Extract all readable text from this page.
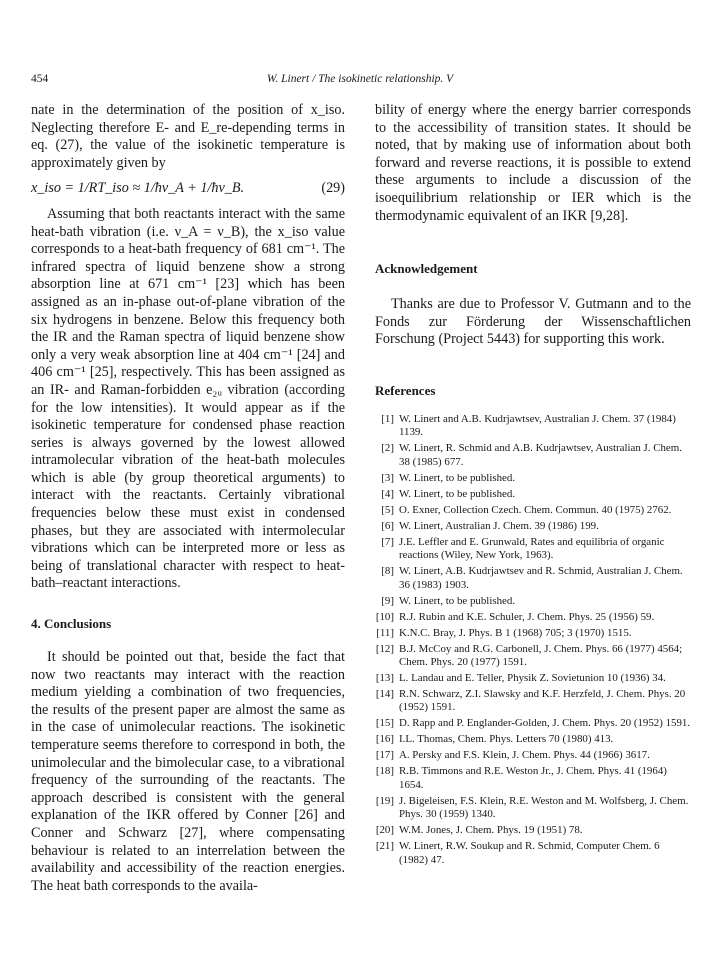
454	W. Linert / The isokinetic relationship. V

nate in the determination of the position of x_iso. Neglecting therefore E- and E_re-depending terms in eq. (27), the value of the isokinetic temperature is approximately given by

x_iso = 1/RT_iso ≈ 1/ħν_A + 1/ħν_B.	(29)

Assuming that both reactants interact with the same heat-bath vibration (i.e. ν_A = ν_B), the x_iso value corresponds to a heat-bath frequency of 681 cm⁻¹. The infrared spectra of liquid benzene show a strong absorption line at 671 cm⁻¹ [23] which has been assigned as an in-phase out-of-plane vibration of the six hydrogens in benzene. Below this frequency both the IR and the Raman spectra of liquid benzene show only a very weak absorption line at 404 cm⁻¹ [24] and 406 cm⁻¹ [25], respectively. This has been assigned as an IR- and Raman-forbidden e₂ᵤ vibration (according for the low intensities). It would appear as if the isokinetic temperature for condensed phase reaction series is always governed by the lowest allowed intramolecular vibration of the heat-bath molecules which is able (by group theoretical arguments) to interact with the reactants. Certainly vibrational frequencies below these must exist in condensed phases, but they are associated with intermolecular vibrations which can be interpreted more or less as being of translational character with respect to heat-bath–reactant interactions.

4. Conclusions

It should be pointed out that, beside the fact that now two reactants may interact with the reaction medium yielding a combination of two frequencies, the results of the present paper are almost the same as in the case of unimolecular reactions. The isokinetic temperature seems therefore to correspond in both, the unimolecular and the bimolecular case, to a vibrational frequency of the surrounding of the reactants. The approach described is consistent with the general explanation of the IKR offered by Conner [26] and Conner and Schwarz [27], where compensating behaviour is related to an interrelation between the availability and accessibility of the reaction energies. The heat bath corresponds to the availa-

bility of energy where the energy barrier corresponds to the accessibility of transition states. It should be noted, that by making use of information about both forward and reverse reactions, it is possible to extend these arguments to include a discussion of the isoequilibrium relationship or IER which is the thermodynamic equivalent of an IKR [9,28].

Acknowledgement

Thanks are due to Professor V. Gutmann and to the Fonds zur Förderung der Wissenschaftlichen Forschung (Project 5443) for supporting this work.

References
[1] W. Linert and A.B. Kudrjawtsev, Australian J. Chem. 37 (1984) 1139.
[2] W. Linert, R. Schmid and A.B. Kudrjawtsev, Australian J. Chem. 38 (1985) 677.
[3] W. Linert, to be published.
[4] W. Linert, to be published.
[5] O. Exner, Collection Czech. Chem. Commun. 40 (1975) 2762.
[6] W. Linert, Australian J. Chem. 39 (1986) 199.
[7] J.E. Leffler and E. Grunwald, Rates and equilibria of organic reactions (Wiley, New York, 1963).
[8] W. Linert, A.B. Kudrjawtsev and R. Schmid, Australian J. Chem. 36 (1983) 1903.
[9] W. Linert, to be published.
[10] R.J. Rubin and K.E. Schuler, J. Chem. Phys. 25 (1956) 59.
[11] K.N.C. Bray, J. Phys. B 1 (1968) 705; 3 (1970) 1515.
[12] B.J. McCoy and R.G. Carbonell, J. Chem. Phys. 66 (1977) 4564; Chem. Phys. 20 (1977) 1591.
[13] L. Landau and E. Teller, Physik Z. Sovietunion 10 (1936) 34.
[14] R.N. Schwarz, Z.I. Slawsky and K.F. Herzfeld, J. Chem. Phys. 20 (1952) 1591.
[15] D. Rapp and P. Englander-Golden, J. Chem. Phys. 20 (1952) 1591.
[16] I.L. Thomas, Chem. Phys. Letters 70 (1980) 413.
[17] A. Persky and F.S. Klein, J. Chem. Phys. 44 (1966) 3617.
[18] R.B. Timmons and R.E. Weston Jr., J. Chem. Phys. 41 (1964) 1654.
[19] J. Bigeleisen, F.S. Klein, R.E. Weston and M. Wolfsberg, J. Chem. Phys. 30 (1959) 1340.
[20] W.M. Jones, J. Chem. Phys. 19 (1951) 78.
[21] W. Linert, R.W. Soukup and R. Schmid, Computer Chem. 6 (1982) 47.
